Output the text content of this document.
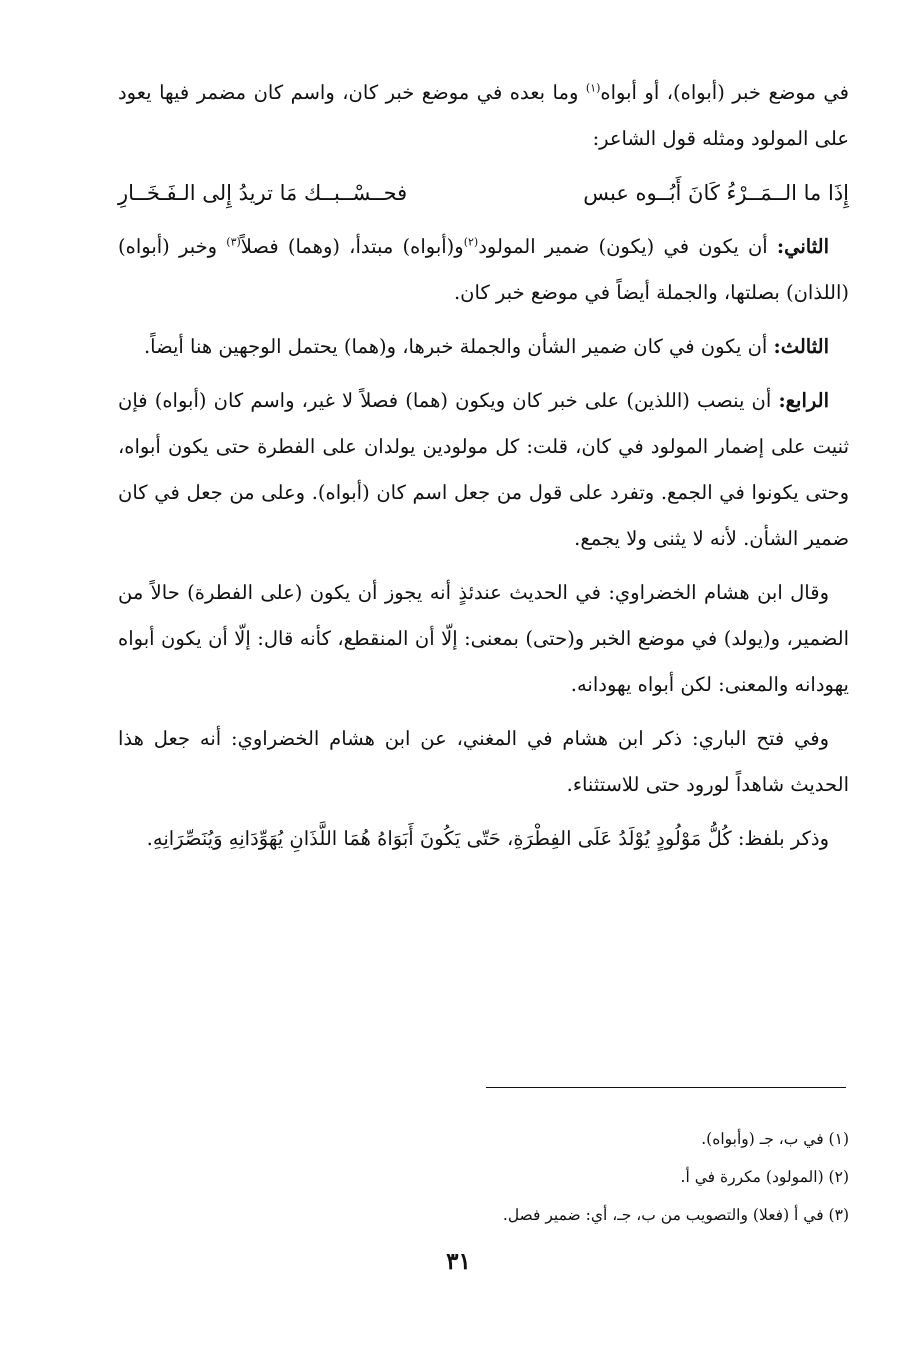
في موضع خبر (أبواه)، أو أبواه$^{(١)}$ وما بعده في موضع خبر كان، واسم كان مضمر فيها يعود على المولود ومثله قول الشاعر:

إِذَا ما الــمَــرْءُ كَانَ أَبُــوه عبس
فحــسْــبــك مَا تريدُ إِلى الـفَـخَــارِ

الثاني: أن يكون في (يكون) ضمير المولود$^{(٢)}$و(أبواه) مبتدأ، (وهما) فصلاً$^{(٣)}$ وخبر (أبواه) (اللذان) بصلتها، والجملة أيضاً في موضع خبر كان.

الثالث: أن يكون في كان ضمير الشأن والجملة خبرها، و(هما) يحتمل الوجهين هنا أيضاً.

الرابع: أن ينصب (اللذين) على خبر كان ويكون (هما) فصلاً لا غير، واسم كان (أبواه) فإن ثنيت على إضمار المولود في كان، قلت: كل مولودين يولدان على الفطرة حتى يكون أبواه، وحتى يكونوا في الجمع. وتفرد على قول من جعل اسم كان (أبواه). وعلى من جعل في كان ضمير الشأن. لأنه لا يثنى ولا يجمع.

وقال ابن هشام الخضراوي: في الحديث عندئذٍ أنه يجوز أن يكون (على الفطرة) حالاً من الضمير، و(يولد) في موضع الخبر و(حتى) بمعنى: إلّا أن المنقطع، كأنه قال: إلّا أن يكون أبواه يهودانه والمعنى: لكن أبواه يهودانه.

وفي فتح الباري: ذكر ابن هشام في المغني، عن ابن هشام الخضراوي: أنه جعل هذا الحديث شاهداً لورود حتى للاستثناء.

وذكر بلفظ: كُلُّ مَوْلُودٍ يُوْلَدُ عَلَى الفِطْرَةِ، حَتّى يَكُونَ أَبَوَاهُ هُمَا اللَّذَانِ يُهَوِّدَانِهِ وَيُنَصِّرَانِهِ.

(١) في ب، جـ (وأبواه).
(٢) (المولود) مكررة في أ.
(٣) في أ (فعلا) والتصويب من ب، جـ، أي: ضمير فصل.
٣١
